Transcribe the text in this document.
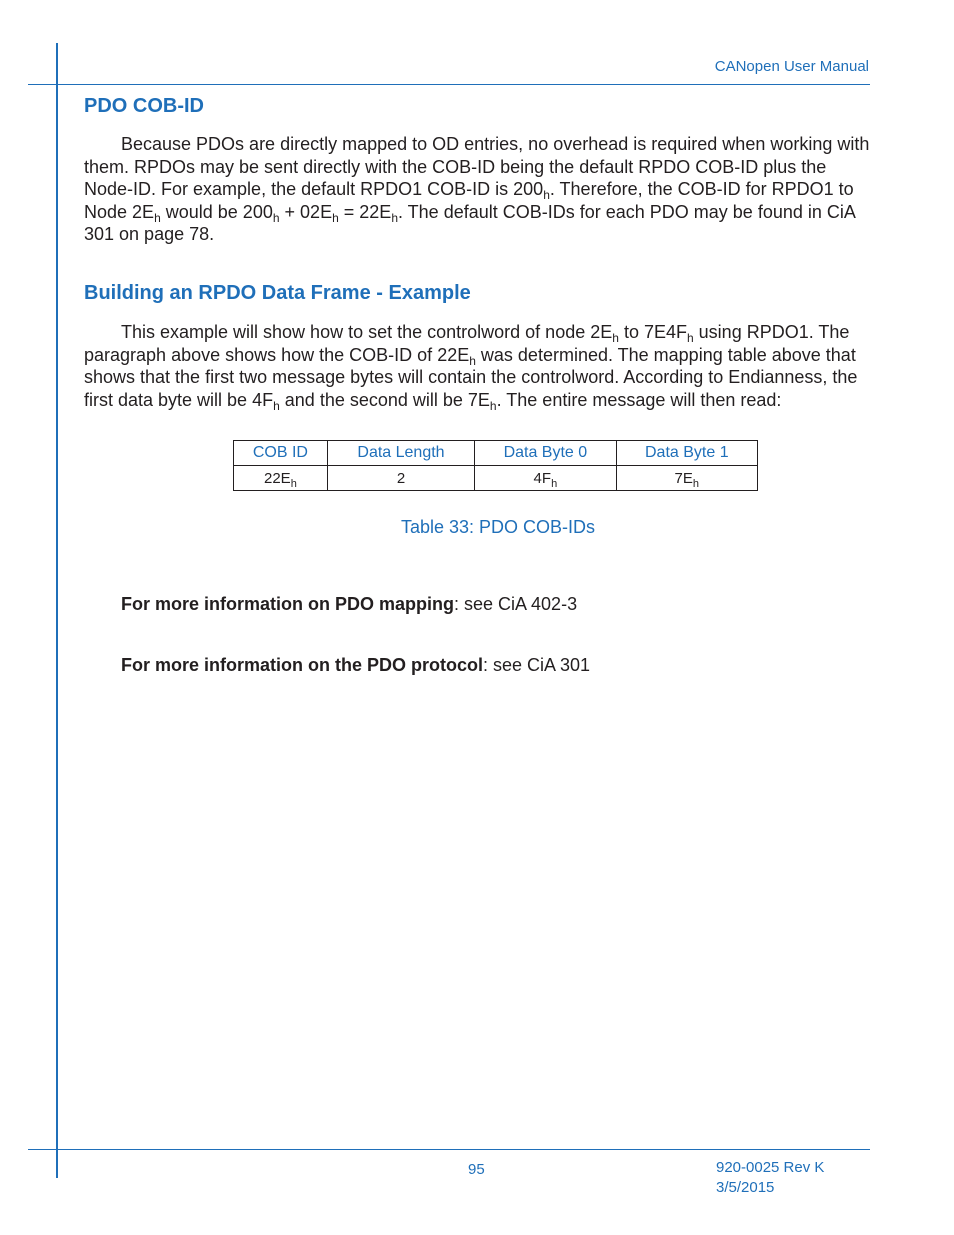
CANopen User Manual
PDO COB-ID

Because PDOs are directly mapped to OD entries, no overhead is required when working with them. RPDOs may be sent directly with the COB-ID being the default RPDO COB-ID plus the Node-ID. For example, the default RPDO1 COB-ID is $200_h$. Therefore, the COB-ID for RPDO1 to Node $2E_h$ would be $200_h + 02E_h = 22E_h$. The default COB-IDs for each PDO may be found in CiA 301 on page 78.

Building an RPDO Data Frame - Example

This example will show how to set the controlword of node $2E_h$ to $7E4F_h$ using RPDO1. The paragraph above shows how the COB-ID of $22E_h$ was determined. The mapping table above that shows that the first two message bytes will contain the controlword. According to Endianness, the first data byte will be $4F_h$ and the second will be $7E_h$. The entire message will then read:

COB ID	Data Length	Data Byte 0	Data Byte 1
$22E_h$	2	$4F_h$	$7E_h$
Table 33: PDO COB-IDs
For more information on PDO mapping: see CiA 402-3
For more information on the PDO protocol: see CiA 301
95	920-0025 Rev K
3/5/2015
